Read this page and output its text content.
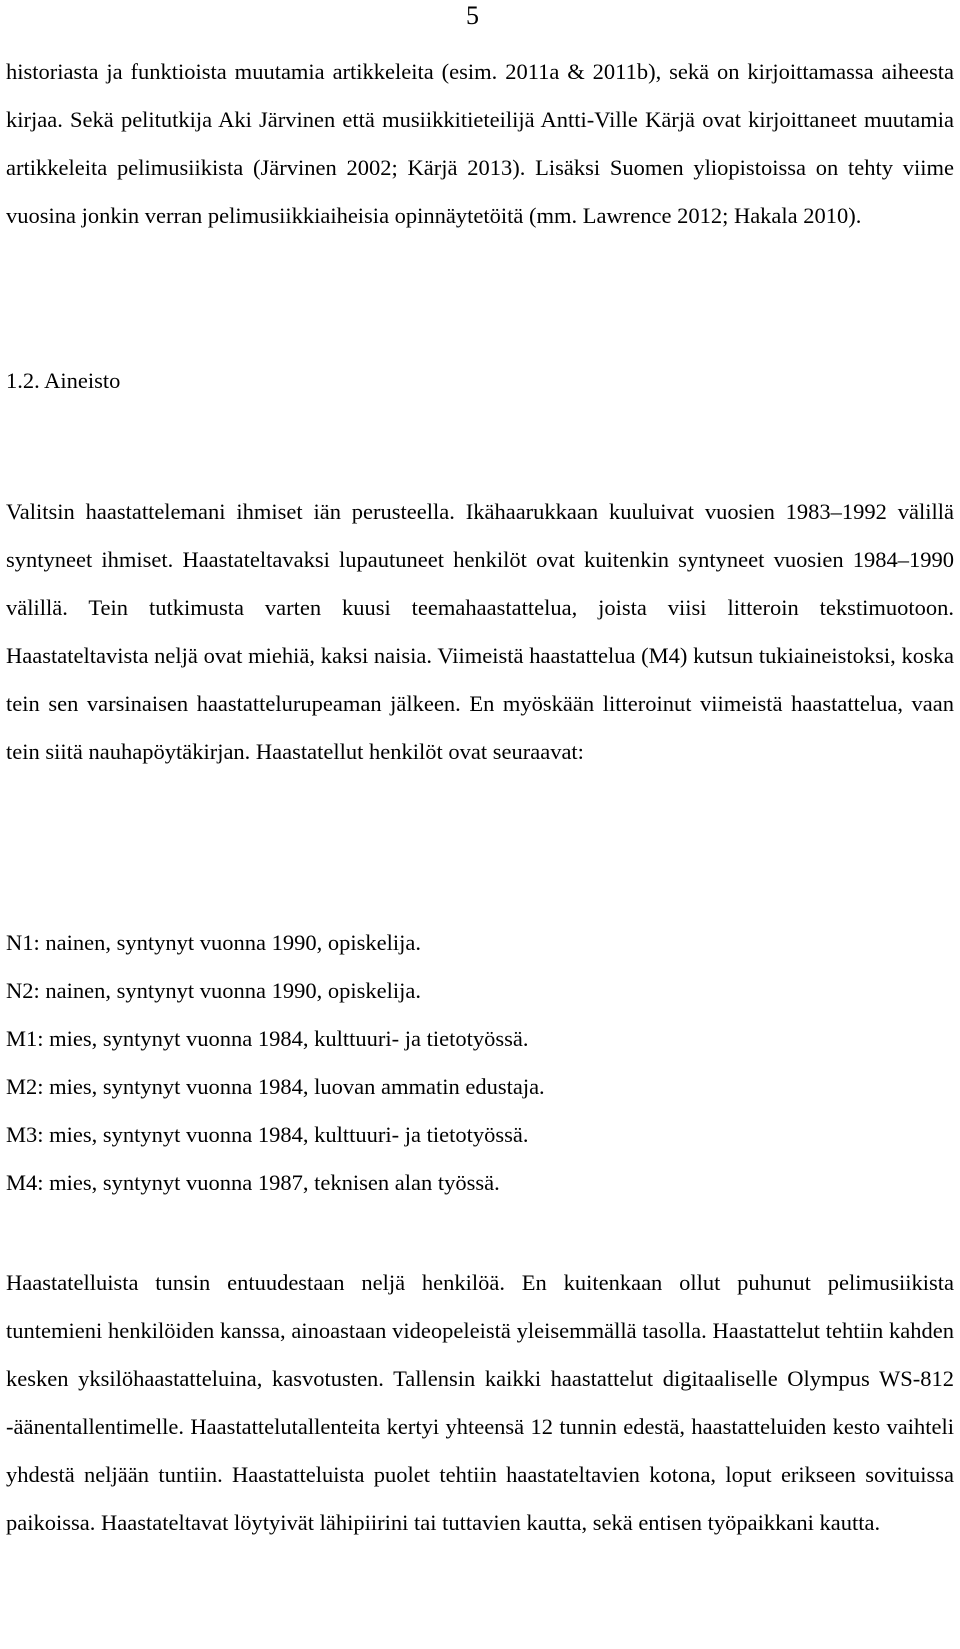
5

historiasta ja funktioista muutamia artikkeleita (esim. 2011a & 2011b), sekä on kirjoittamassa aiheesta kirjaa. Sekä pelitutkija Aki Järvinen että musiikkitieteilijä Antti-Ville Kärjä ovat kirjoittaneet muutamia artikkeleita pelimusiikista (Järvinen 2002; Kärjä 2013). Lisäksi Suomen yliopistoissa on tehty viime vuosina jonkin verran pelimusiikkiaiheisia opinnäytetöitä (mm. Lawrence 2012; Hakala 2010).

1.2. Aineisto

Valitsin haastattelemani ihmiset iän perusteella. Ikähaarukkaan kuuluivat vuosien 1983–1992 välillä syntyneet ihmiset. Haastateltavaksi lupautuneet henkilöt ovat kuitenkin syntyneet vuosien 1984–1990 välillä. Tein tutkimusta varten kuusi teemahaastattelua, joista viisi litteroin tekstimuotoon. Haastateltavista neljä ovat miehiä, kaksi naisia. Viimeistä haastattelua (M4) kutsun tukiaineistoksi, koska tein sen varsinaisen haastattelurupeaman jälkeen. En myöskään litteroinut viimeistä haastattelua, vaan tein siitä nauhapöytäkirjan. Haastatellut henkilöt ovat seuraavat:

N1: nainen, syntynyt vuonna 1990, opiskelija.
N2: nainen, syntynyt vuonna 1990, opiskelija.
M1: mies, syntynyt vuonna 1984, kulttuuri- ja tietotyössä.
M2: mies, syntynyt vuonna 1984, luovan ammatin edustaja.
M3: mies, syntynyt vuonna 1984, kulttuuri- ja tietotyössä.
M4: mies, syntynyt vuonna 1987, teknisen alan työssä.

Haastatelluista tunsin entuudestaan neljä henkilöä. En kuitenkaan ollut puhunut pelimusiikista tuntemieni henkilöiden kanssa, ainoastaan videopeleistä yleisemmällä tasolla. Haastattelut tehtiin kahden kesken yksilöhaastatteluina, kasvotusten. Tallensin kaikki haastattelut digitaaliselle Olympus WS-812 -äänentallentimelle. Haastattelutallenteita kertyi yhteensä 12 tunnin edestä, haastatteluiden kesto vaihteli yhdestä neljään tuntiin. Haastatteluista puolet tehtiin haastateltavien kotona, loput erikseen sovituissa paikoissa. Haastateltavat löytyivät lähipiirini tai tuttavien kautta, sekä entisen työpaikkani kautta.
